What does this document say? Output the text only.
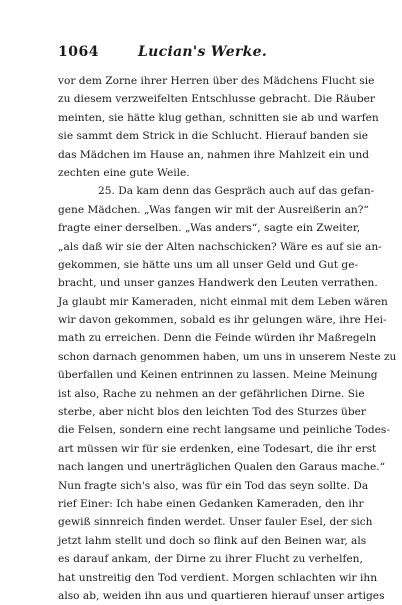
1064	Lucian's Werke.
vor dem Zorne ihrer Herren über des Mädchens Flucht sie
zu diesem verzweifelten Entschlusse gebracht. Die Räuber
meinten, sie hätte klug gethan, schnitten sie ab und warfen
sie sammt dem Strick in die Schlucht. Hierauf banden sie
das Mädchen im Hause an, nahmen ihre Mahlzeit ein und
zechten eine gute Weile.
25. Da kam denn das Gespräch auch auf das gefan-
gene Mädchen. „Was fangen wir mit der Ausreißerin an?“
fragte einer derselben. „Was anders“, sagte ein Zweiter,
„als daß wir sie der Alten nachschicken? Wäre es auf sie an-
gekommen, sie hätte uns um all unser Geld und Gut ge-
bracht, und unser ganzes Handwerk den Leuten verrathen.
Ja glaubt mir Kameraden, nicht einmal mit dem Leben wären
wir davon gekommen, sobald es ihr gelungen wäre, ihre Hei-
math zu erreichen. Denn die Feinde würden ihr Maßregeln
schon darnach genommen haben, um uns in unserem Neste zu
überfallen und Keinen entrinnen zu lassen. Meine Meinung
ist also, Rache zu nehmen an der gefährlichen Dirne. Sie
sterbe, aber nicht blos den leichten Tod des Sturzes über
die Felsen, sondern eine recht langsame und peinliche Todes-
art müssen wir für sie erdenken, eine Todesart, die ihr erst
nach langen und unerträglichen Qualen den Garaus mache.“
Nun fragte sich's also, was für ein Tod das seyn sollte. Da
rief Einer: Ich habe einen Gedanken Kameraden, den ihr
gewiß sinnreich finden werdet. Unser fauler Esel, der sich
jetzt lahm stellt und doch so flink auf den Beinen war, als
es darauf ankam, der Dirne zu ihrer Flucht zu verhelfen,
hat unstreitig den Tod verdient. Morgen schlachten wir ihn
also ab, weiden ihn aus und quartieren hierauf unser artiges
